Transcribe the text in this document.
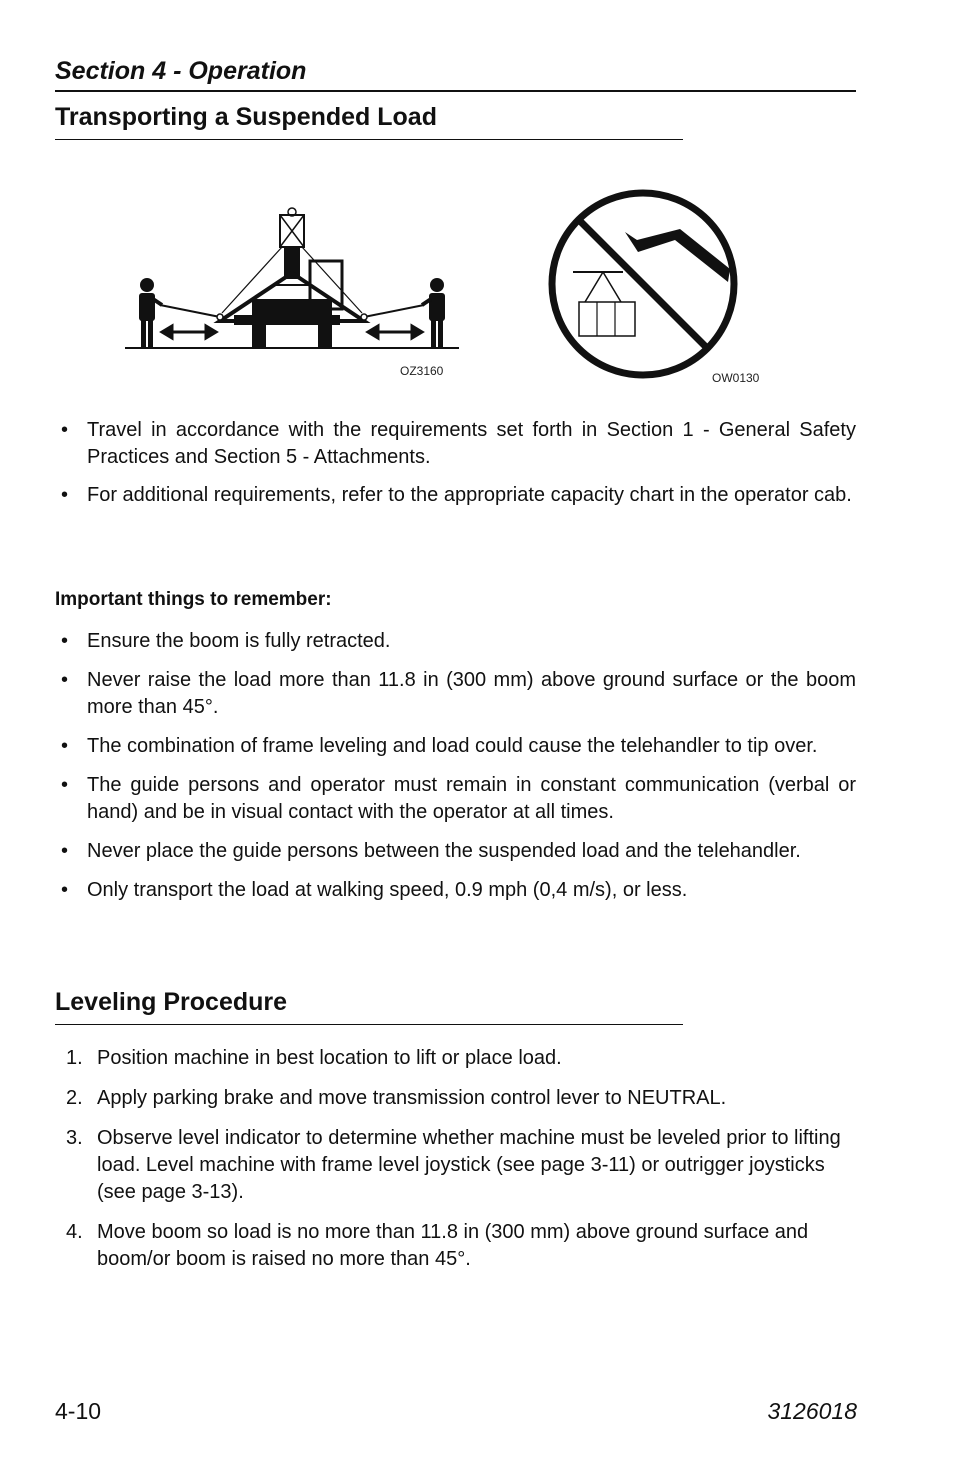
Section 4 - Operation
Transporting a Suspended Load
OZ3160	OW0130
• Travel in accordance with the requirements set forth in Section 1 - General Safety Practices and Section 5 - Attachments.
• For additional requirements, refer to the appropriate capacity chart in the operator cab.
Important things to remember:
• Ensure the boom is fully retracted.
• Never raise the load more than 11.8 in (300 mm) above ground surface or the boom more than 45°.
• The combination of frame leveling and load could cause the telehandler to tip over.
• The guide persons and operator must remain in constant communication (verbal or hand) and be in visual contact with the operator at all times.
• Never place the guide persons between the suspended load and the telehandler.
• Only transport the load at walking speed, 0.9 mph (0,4 m/s), or less.
Leveling Procedure
1. Position machine in best location to lift or place load.
2. Apply parking brake and move transmission control lever to NEUTRAL.
3. Observe level indicator to determine whether machine must be leveled prior to lifting load. Level machine with frame level joystick (see page 3-11) or outrigger joysticks (see page 3-13).
4. Move boom so load is no more than 11.8 in (300 mm) above ground surface and boom/or boom is raised no more than 45°.
4-10	3126018
